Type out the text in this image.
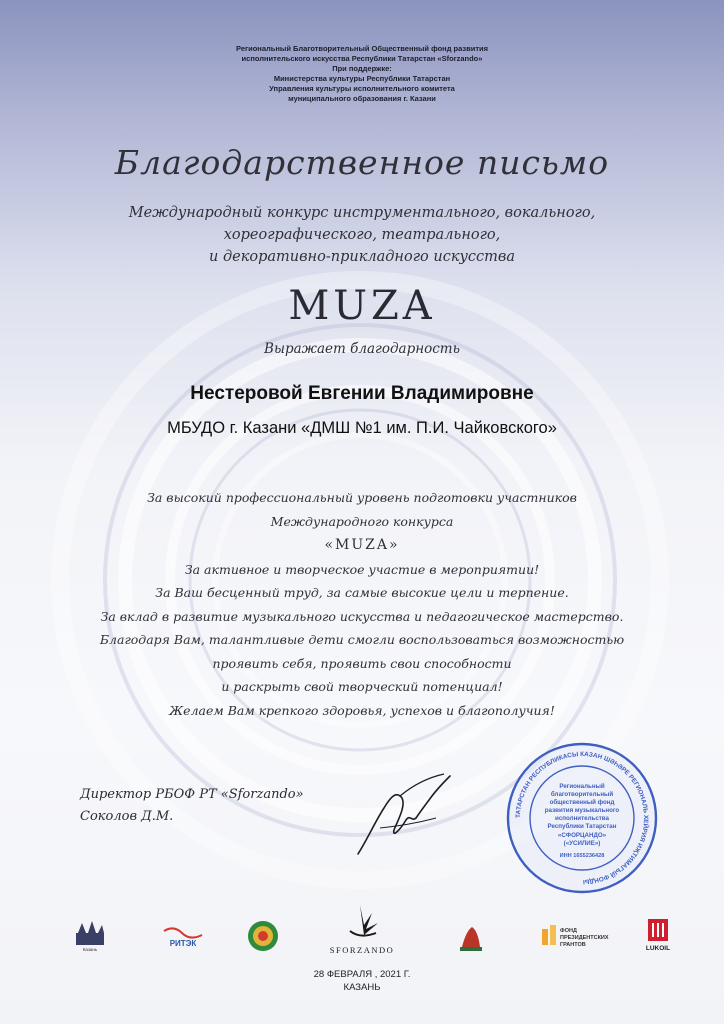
Региональный Благотворительный Общественный фонд развития
исполнительского искусства Республики Татарстан «Sforzando»
При поддержке:
Министерства культуры Республики Татарстан
Управления культуры исполнительного комитета
муниципального образования г. Казани
Благодарственное письмо
Международный конкурс инструментального, вокального,
хореографического, театрального,
и декоративно-прикладного искусства
MUZA
Выражает благодарность
Нестеровой Евгении Владимировне
МБУДО г. Казани «ДМШ №1 им. П.И. Чайковского»
За высокий профессиональный уровень подготовки участников
Международного конкурса
«MUZA»
За активное и творческое участие в мероприятии!
За Ваш бесценный труд, за самые высокие цели и терпение.
За вклад в развитие музыкального искусства и педагогическое мастерство.
Благодаря Вам, талантливые дети смогли воспользоваться возможностью
проявить себя, проявить свои способности
и раскрыть свой творческий потенциал!
Желаем Вам крепкого здоровья, успехов и благополучия!
Директор РБОФ РТ «Sforzando»
Соколов Д.М.	ТАТАРСТАН РЕСПУБЛИКАСЫ КАЗАН ШӘҺӘРЕ РЕГИОНАЛЬ ХЕЙРИЯ ИҖТИМАГЫЙ ФОНДЫ
Региональный
благотворительный
общественный фонд
развития музыкального
исполнительства
Республики Татарстан
«СФОРЦАНДО»
(«УСИЛИЕ»)
ИНН 1655236428
Казань
РИТЭК
SFORZANDO
ФОНД
ПРЕЗИДЕНТСКИХ
ГРАНТОВ	LUKOIL
28 ФЕВРАЛЯ , 2021 Г.
КАЗАНЬ
